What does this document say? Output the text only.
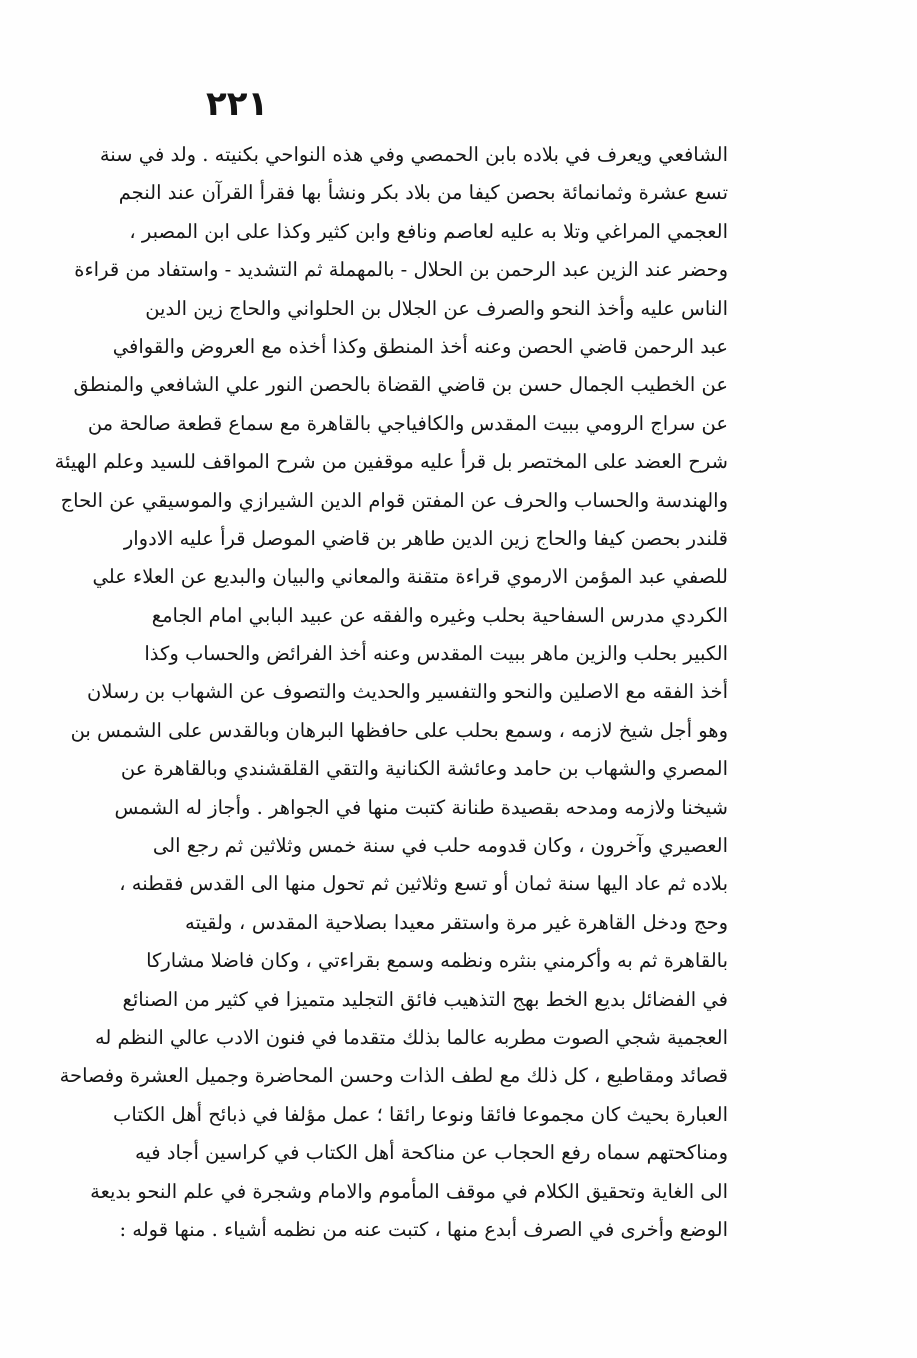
٢٢١
الشافعي ويعرف في بلاده بابن الحمصي وفي هذه النواحي بكنيته . ولد في سنة
تسع عشرة وثمانمائة بحصن كيفا من بلاد بكر ونشأ بها فقرأ القرآن عند النجم
العجمي المراغي وتلا به عليه لعاصم ونافع وابن كثير وكذا على ابن المصبر ،
وحضر عند الزين عبد الرحمن بن الحلال - بالمهملة ثم التشديد - واستفاد من قراءة
الناس عليه وأخذ النحو والصرف عن الجلال بن الحلواني والحاج زين الدين
عبد الرحمن قاضي الحصن وعنه أخذ المنطق وكذا أخذه مع العروض والقوافي
عن الخطيب الجمال حسن بن قاضي القضاة بالحصن النور علي الشافعي والمنطق
عن سراج الرومي ببيت المقدس والكافياجي بالقاهرة مع سماع قطعة صالحة من
شرح العضد على المختصر بل قرأ عليه موقفين من شرح المواقف للسيد وعلم الهيئة
والهندسة والحساب والحرف عن المفتن قوام الدين الشيرازي والموسيقي عن الحاج
قلندر بحصن كيفا والحاج زين الدين طاهر بن قاضي الموصل قرأ عليه الادوار
للصفي عبد المؤمن الارموي قراءة متقنة والمعاني والبيان والبديع عن العلاء علي
الكردي مدرس السفاحية بحلب وغيره والفقه عن عبيد البابي امام الجامع
الكبير بحلب والزين ماهر ببيت المقدس وعنه أخذ الفرائض والحساب وكذا
أخذ الفقه مع الاصلين والنحو والتفسير والحديث والتصوف عن الشهاب بن رسلان
وهو أجل شيخ لازمه ، وسمع بحلب على حافظها البرهان وبالقدس على الشمس بن
المصري والشهاب بن حامد وعائشة الكنانية والتقي القلقشندي وبالقاهرة عن
شيخنا ولازمه ومدحه بقصيدة طنانة كتبت منها في الجواهر . وأجاز له الشمس
العصيري وآخرون ، وكان قدومه حلب في سنة خمس وثلاثين ثم رجع الى
بلاده ثم عاد اليها سنة ثمان أو تسع وثلاثين ثم تحول منها الى القدس فقطنه ،
وحج ودخل القاهرة غير مرة واستقر معيدا بصلاحية المقدس ، ولقيته
بالقاهرة ثم به وأكرمني بنثره ونظمه وسمع بقراءتي ، وكان فاضلا مشاركا
في الفضائل بديع الخط بهج التذهيب فائق التجليد متميزا في كثير من الصنائع
العجمية شجي الصوت مطربه عالما بذلك متقدما في فنون الادب عالي النظم له
قصائد ومقاطيع ، كل ذلك مع لطف الذات وحسن المحاضرة وجميل العشرة وفصاحة
العبارة بحيث كان مجموعا فائقا ونوعا رائقا ؛ عمل مؤلفا في ذبائح أهل الكتاب
ومناكحتهم سماه رفع الحجاب عن مناكحة أهل الكتاب في كراسين أجاد فيه
الى الغاية وتحقيق الكلام في موقف المأموم والامام وشجرة في علم النحو بديعة
الوضع وأخرى في الصرف أبدع منها ، كتبت عنه من نظمه أشياء . منها قوله :
